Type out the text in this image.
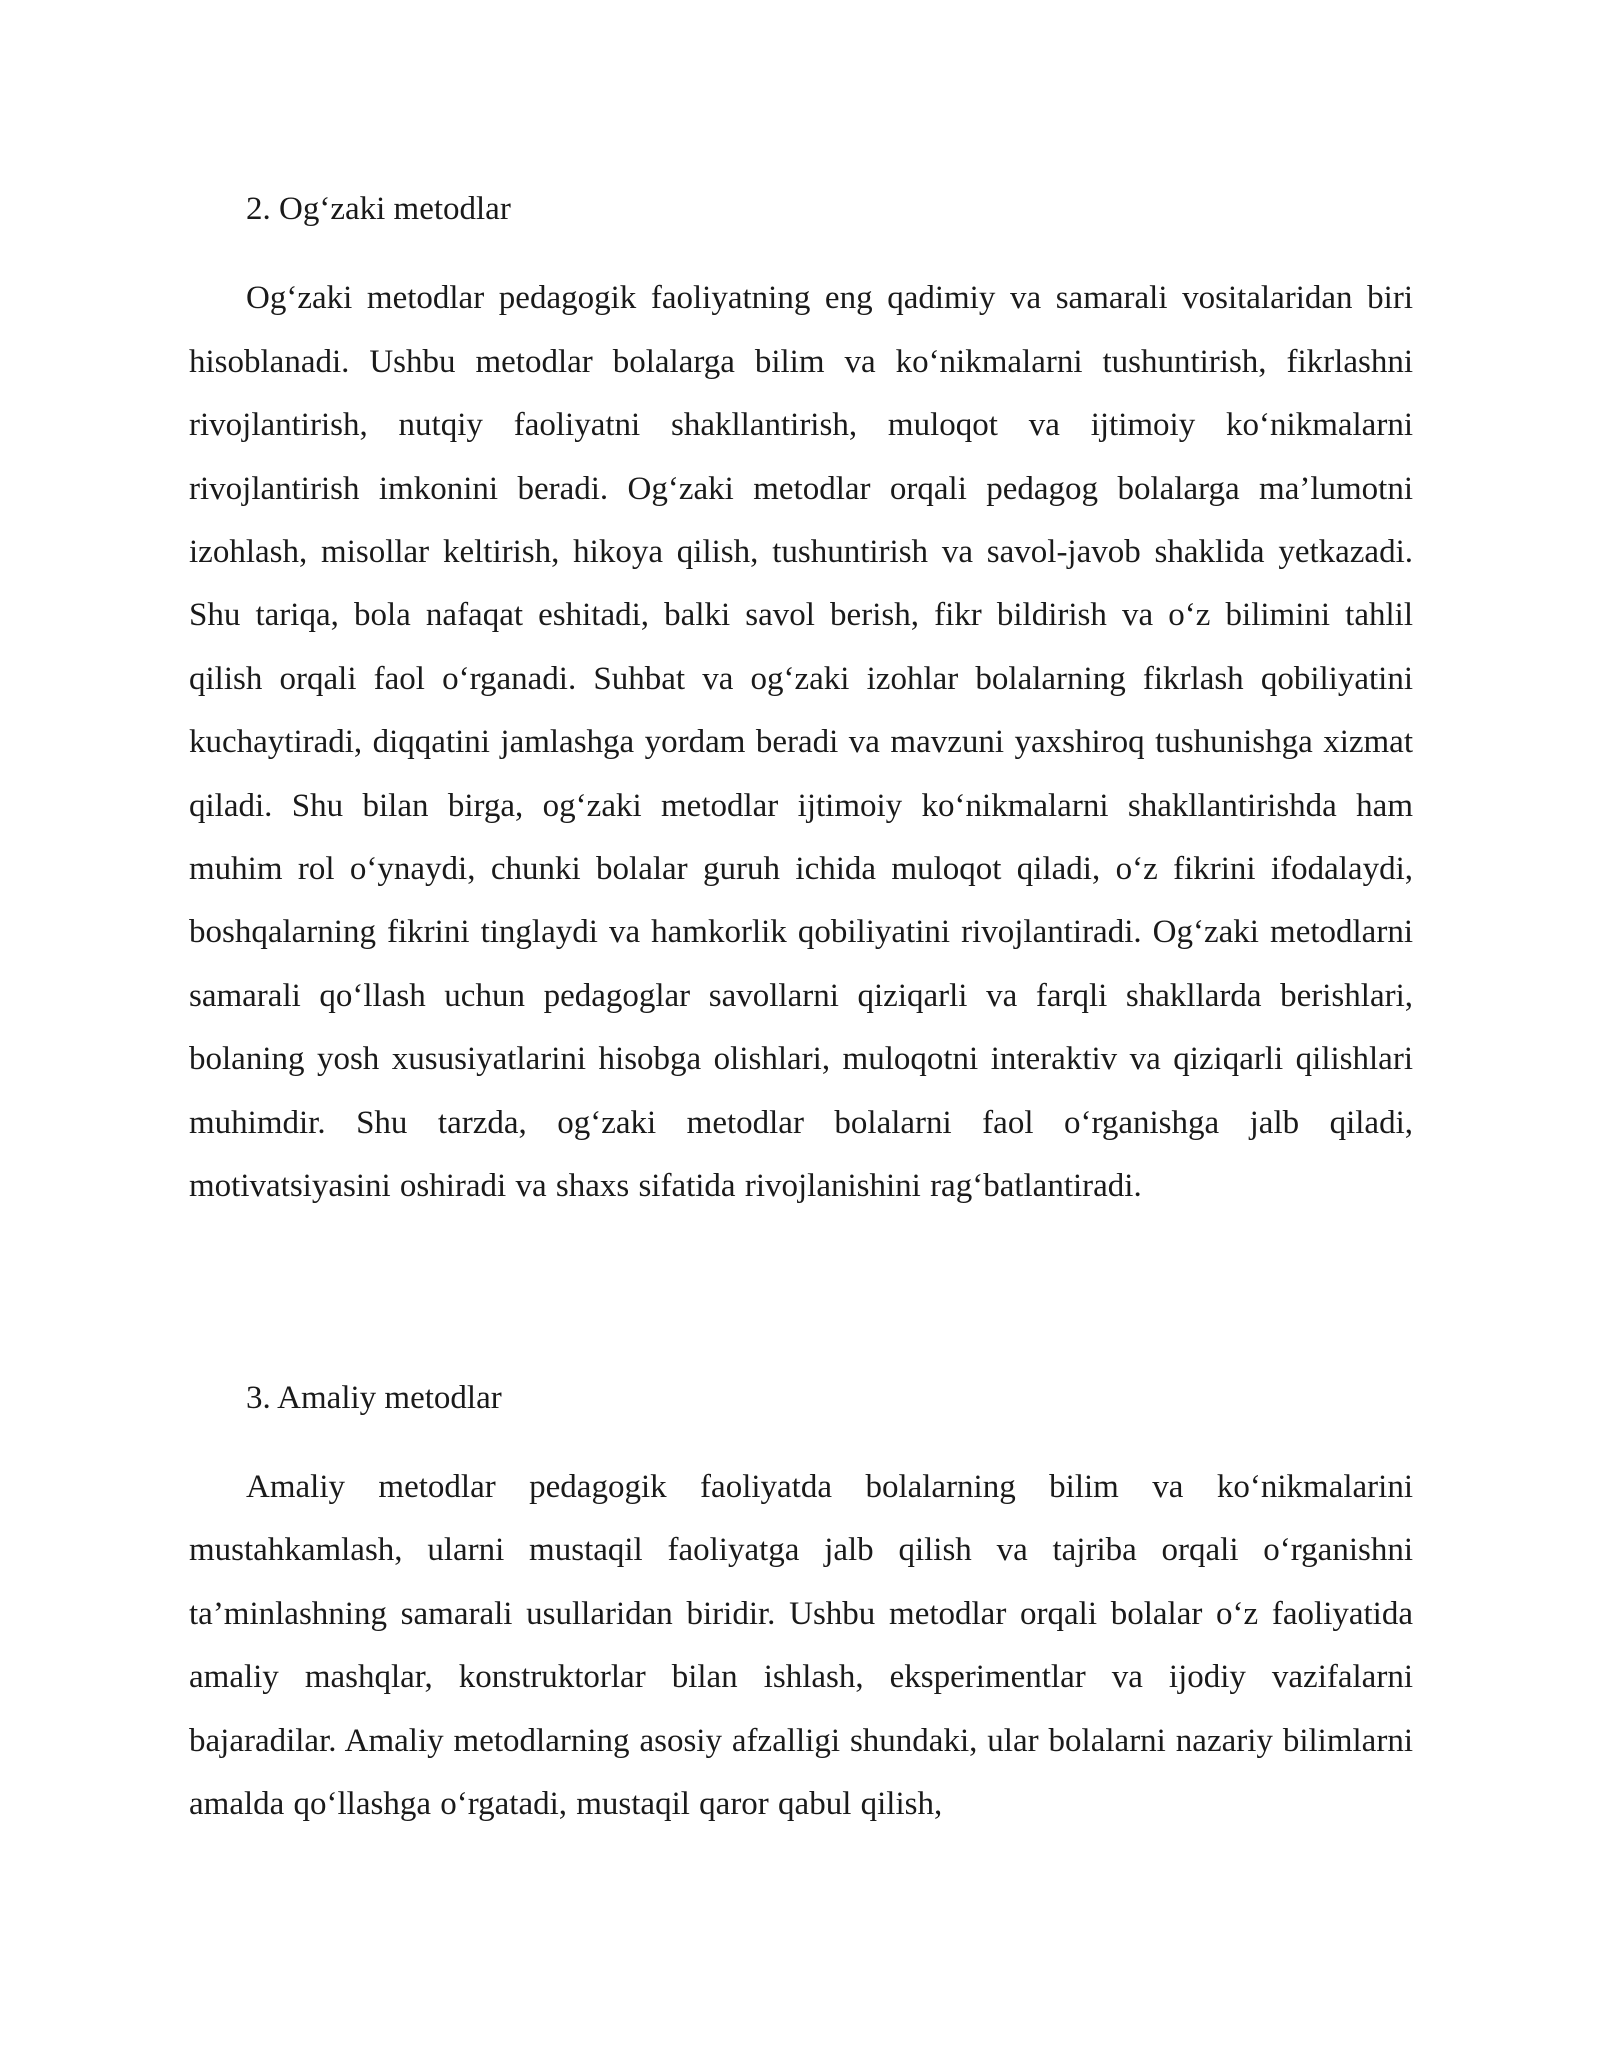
2. Og‘zaki metodlar

Og‘zaki metodlar pedagogik faoliyatning eng qadimiy va samarali vositalaridan biri hisoblanadi. Ushbu metodlar bolalarga bilim va ko‘nikmalarni tushuntirish, fikrlashni rivojlantirish, nutqiy faoliyatni shakllantirish, muloqot va ijtimoiy ko‘nikmalarni rivojlantirish imkonini beradi. Og‘zaki metodlar orqali pedagog bolalarga ma’lumotni izohlash, misollar keltirish, hikoya qilish, tushuntirish va savol-javob shaklida yetkazadi. Shu tariqa, bola nafaqat eshitadi, balki savol berish, fikr bildirish va o‘z bilimini tahlil qilish orqali faol o‘rganadi. Suhbat va og‘zaki izohlar bolalarning fikrlash qobiliyatini kuchaytiradi, diqqatini jamlashga yordam beradi va mavzuni yaxshiroq tushunishga xizmat qiladi. Shu bilan birga, og‘zaki metodlar ijtimoiy ko‘nikmalarni shakllantirishda ham muhim rol o‘ynaydi, chunki bolalar guruh ichida muloqot qiladi, o‘z fikrini ifodalaydi, boshqalarning fikrini tinglaydi va hamkorlik qobiliyatini rivojlantiradi. Og‘zaki metodlarni samarali qo‘llash uchun pedagoglar savollarni qiziqarli va farqli shakllarda berishlari, bolaning yosh xususiyatlarini hisobga olishlari, muloqotni interaktiv va qiziqarli qilishlari muhimdir. Shu tarzda, og‘zaki metodlar bolalarni faol o‘rganishga jalb qiladi, motivatsiyasini oshiradi va shaxs sifatida rivojlanishini rag‘batlantiradi.

3. Amaliy metodlar

Amaliy metodlar pedagogik faoliyatda bolalarning bilim va ko‘nikmalarini mustahkamlash, ularni mustaqil faoliyatga jalb qilish va tajriba orqali o‘rganishni ta’minlashning samarali usullaridan biridir. Ushbu metodlar orqali bolalar o‘z faoliyatida amaliy mashqlar, konstruktorlar bilan ishlash, eksperimentlar va ijodiy vazifalarni bajaradilar. Amaliy metodlarning asosiy afzalligi shundaki, ular bolalarni nazariy bilimlarni amalda qo‘llashga o‘rgatadi, mustaqil qaror qabul qilish,
